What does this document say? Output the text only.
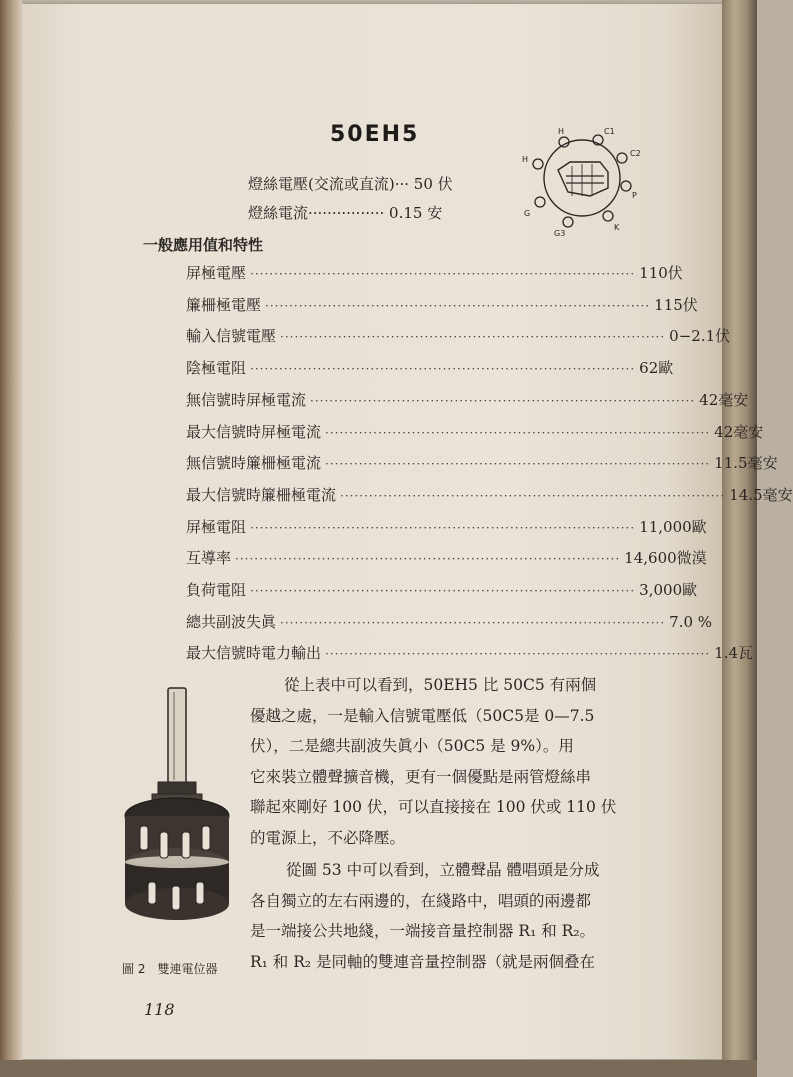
50EH5	H	C1
C2
P
K
G3
G
H
燈絲電壓(交流或直流)··· 50 伏
燈絲電流················ 0.15 安
一般應用值和特性
屏極電壓 ················································································ 110伏
簾柵極電壓 ················································································ 115伏
輸入信號電壓 ················································································ 0−2.1伏
陰極電阻 ················································································ 62歐
無信號時屏極電流 ················································································ 42毫安
最大信號時屏極電流 ················································································ 42毫安
無信號時簾柵極電流 ················································································ 11.5毫安
最大信號時簾柵極電流 ················································································ 14.5毫安
屏極電阻 ················································································ 11,000歐
互導率 ················································································ 14,600微漠
負荷電阻 ················································································ 3,000歐
總共副波失眞 ················································································ 7.0 %
最大信號時電力輸出 ················································································ 1.4瓦
圖 2　雙連電位器
從上表中可以看到，50EH5 比 50C5 有兩個
優越之處，一是輸入信號電壓低（50C5是 0—7.5
伏），二是總共副波失眞小（50C5 是 9%）。用
它來裝立體聲擴音機，更有一個優點是兩管燈絲串
聯起來剛好 100 伏，可以直接接在 100 伏或 110 伏
的電源上，不必降壓。
從圖 53 中可以看到，立體聲晶 體唱頭是分成
各自獨立的左右兩邊的，在綫路中，唱頭的兩邊都
是一端接公共地綫，一端接音量控制器 R₁ 和 R₂。
R₁ 和 R₂ 是同軸的雙連音量控制器（就是兩個叠在
118
